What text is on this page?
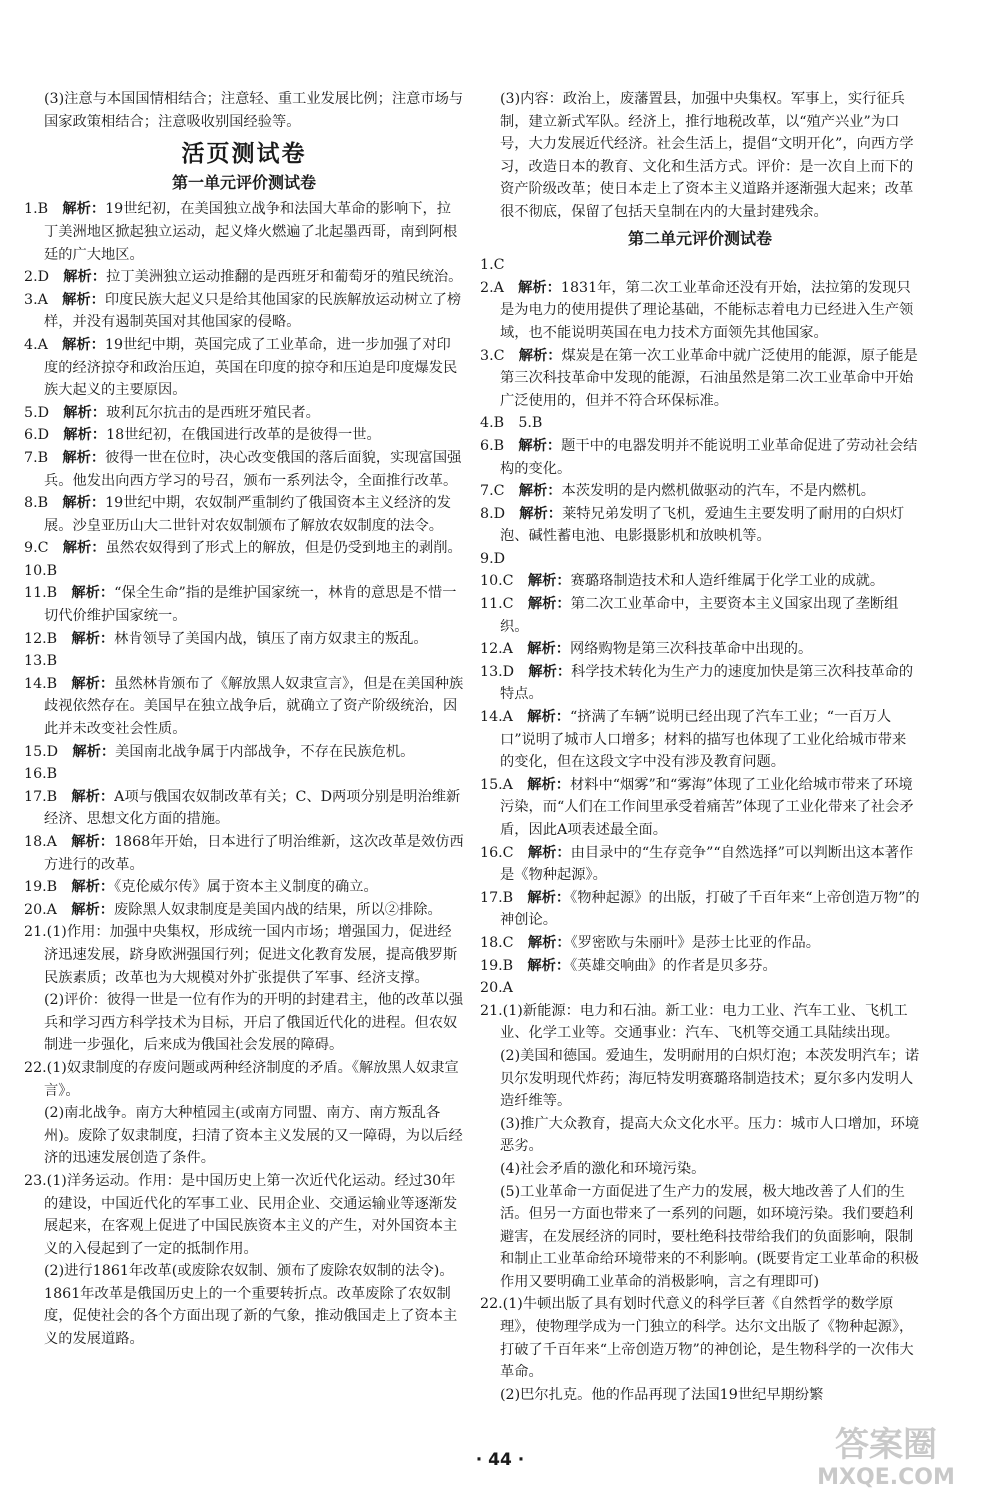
(3)注意与本国国情相结合；注意轻、重工业发展比例；注意市场与国家政策相结合；注意吸收别国经验等。

活页测试卷
第一单元评价测试卷

1.B　 解析：19世纪初，在美国独立战争和法国大革命的影响下，拉丁美洲地区掀起独立运动，起义烽火燃遍了北起墨西哥，南到阿根廷的广大地区。

2.D　 解析：拉丁美洲独立运动推翻的是西班牙和葡萄牙的殖民统治。

3.A　 解析：印度民族大起义只是给其他国家的民族解放运动树立了榜样，并没有遏制英国对其他国家的侵略。

4.A　 解析：19世纪中期，英国完成了工业革命，进一步加强了对印度的经济掠夺和政治压迫，英国在印度的掠夺和压迫是印度爆发民族大起义的主要原因。

5.D　 解析：玻利瓦尔抗击的是西班牙殖民者。

6.D　 解析：18世纪初，在俄国进行改革的是彼得一世。

7.B　 解析：彼得一世在位时，决心改变俄国的落后面貌，实现富国强兵。他发出向西方学习的号召，颁布一系列法令，全面推行改革。

8.B　 解析：19世纪中期，农奴制严重制约了俄国资本主义经济的发展。沙皇亚历山大二世针对农奴制颁布了解放农奴制度的法令。

9.C　 解析：虽然农奴得到了形式上的解放，但是仍受到地主的剥削。

10.B

11.B　 解析：“保全生命”指的是维护国家统一，林肯的意思是不惜一切代价维护国家统一。

12.B　 解析：林肯领导了美国内战，镇压了南方奴隶主的叛乱。

13.B

14.B　 解析：虽然林肯颁布了《解放黑人奴隶宣言》，但是在美国种族歧视依然存在。美国早在独立战争后，就确立了资产阶级统治，因此并未改变社会性质。

15.D　 解析：美国南北战争属于内部战争，不存在民族危机。

16.B

17.B　 解析：A项与俄国农奴制改革有关；C、D两项分别是明治维新经济、思想文化方面的措施。

18.A　 解析：1868年开始，日本进行了明治维新，这次改革是效仿西方进行的改革。

19.B　 解析：《克伦威尔传》属于资本主义制度的确立。

20.A　 解析：废除黑人奴隶制度是美国内战的结果，所以②排除。

21.(1)作用：加强中央集权，形成统一国内市场；增强国力，促进经济迅速发展，跻身欧洲强国行列；促进文化教育发展，提高俄罗斯民族素质；改革也为大规模对外扩张提供了军事、经济支撑。

(2)评价：彼得一世是一位有作为的开明的封建君主，他的改革以强兵和学习西方科学技术为目标，开启了俄国近代化的进程。但农奴制进一步强化，后来成为俄国社会发展的障碍。

22.(1)奴隶制度的存废问题或两种经济制度的矛盾。《解放黑人奴隶宣言》。

(2)南北战争。南方大种植园主(或南方同盟、南方、南方叛乱各州)。废除了奴隶制度，扫清了资本主义发展的又一障碍，为以后经济的迅速发展创造了条件。

23.(1)洋务运动。作用：是中国历史上第一次近代化运动。经过30年的建设，中国近代化的军事工业、民用企业、交通运输业等逐渐发展起来，在客观上促进了中国民族资本主义的产生，对外国资本主义的入侵起到了一定的抵制作用。

(2)进行1861年改革(或废除农奴制、颁布了废除农奴制的法令)。1861年改革是俄国历史上的一个重要转折点。改革废除了农奴制度，促使社会的各个方面出现了新的气象，推动俄国走上了资本主义的发展道路。

(3)内容：政治上，废藩置县，加强中央集权。军事上，实行征兵制，建立新式军队。经济上，推行地税改革，以“殖产兴业”为口号，大力发展近代经济。社会生活上，提倡“文明开化”，向西方学习，改造日本的教育、文化和生活方式。评价：是一次自上而下的资产阶级改革；使日本走上了资本主义道路并逐渐强大起来；改革很不彻底，保留了包括天皇制在内的大量封建残余。

第二单元评价测试卷

1.C

2.A　 解析：1831年，第二次工业革命还没有开始，法拉第的发现只是为电力的使用提供了理论基础，不能标志着电力已经进入生产领域，也不能说明英国在电力技术方面领先其他国家。

3.C　 解析：煤炭是在第一次工业革命中就广泛使用的能源，原子能是第三次科技革命中发现的能源，石油虽然是第二次工业革命中开始广泛使用的，但并不符合环保标准。

4.B　5.B

6.B　 解析：题干中的电器发明并不能说明工业革命促进了劳动社会结构的变化。

7.C　 解析：本茨发明的是内燃机做驱动的汽车，不是内燃机。

8.D　 解析：莱特兄弟发明了飞机，爱迪生主要发明了耐用的白炽灯泡、碱性蓄电池、电影摄影机和放映机等。

9.D

10.C　 解析：赛璐珞制造技术和人造纤维属于化学工业的成就。

11.C　 解析：第二次工业革命中，主要资本主义国家出现了垄断组织。

12.A　 解析：网络购物是第三次科技革命中出现的。

13.D　 解析：科学技术转化为生产力的速度加快是第三次科技革命的特点。

14.A　 解析：“挤满了车辆”说明已经出现了汽车工业；“一百万人口”说明了城市人口增多；材料的描写也体现了工业化给城市带来的变化，但在这段文字中没有涉及教育问题。

15.A　 解析：材料中“烟雾”和“雾海”体现了工业化给城市带来了环境污染，而“人们在工作间里承受着痛苦”体现了工业化带来了社会矛盾，因此A项表述最全面。

16.C　 解析：由目录中的“生存竞争”“自然选择”可以判断出这本著作是《物种起源》。

17.B　 解析：《物种起源》的出版，打破了千百年来“上帝创造万物”的神创论。

18.C　 解析：《罗密欧与朱丽叶》是莎士比亚的作品。

19.B　 解析：《英雄交响曲》的作者是贝多芬。

20.A

21.(1)新能源：电力和石油。新工业：电力工业、汽车工业、飞机工业、化学工业等。交通事业：汽车、飞机等交通工具陆续出现。

(2)美国和德国。爱迪生，发明耐用的白炽灯泡；本茨发明汽车；诺贝尔发明现代炸药；海厄特发明赛璐珞制造技术；夏尔多内发明人造纤维等。

(3)推广大众教育，提高大众文化水平。压力：城市人口增加，环境恶劣。

(4)社会矛盾的激化和环境污染。

(5)工业革命一方面促进了生产力的发展，极大地改善了人们的生活。但另一方面也带来了一系列的问题，如环境污染。我们要趋利避害，在发展经济的同时，要杜绝科技带给我们的负面影响，限制和制止工业革命给环境带来的不利影响。(既要肯定工业革命的积极作用又要明确工业革命的消极影响，言之有理即可)

22.(1)牛顿出版了具有划时代意义的科学巨著《自然哲学的数学原理》，使物理学成为一门独立的科学。达尔文出版了《物种起源》，打破了千百年来“上帝创造万物”的神创论，是生物科学的一次伟大革命。

(2)巴尔扎克。他的作品再现了法国19世纪早期纷繁

· 44 ·	答案圈
MXQE.COM
